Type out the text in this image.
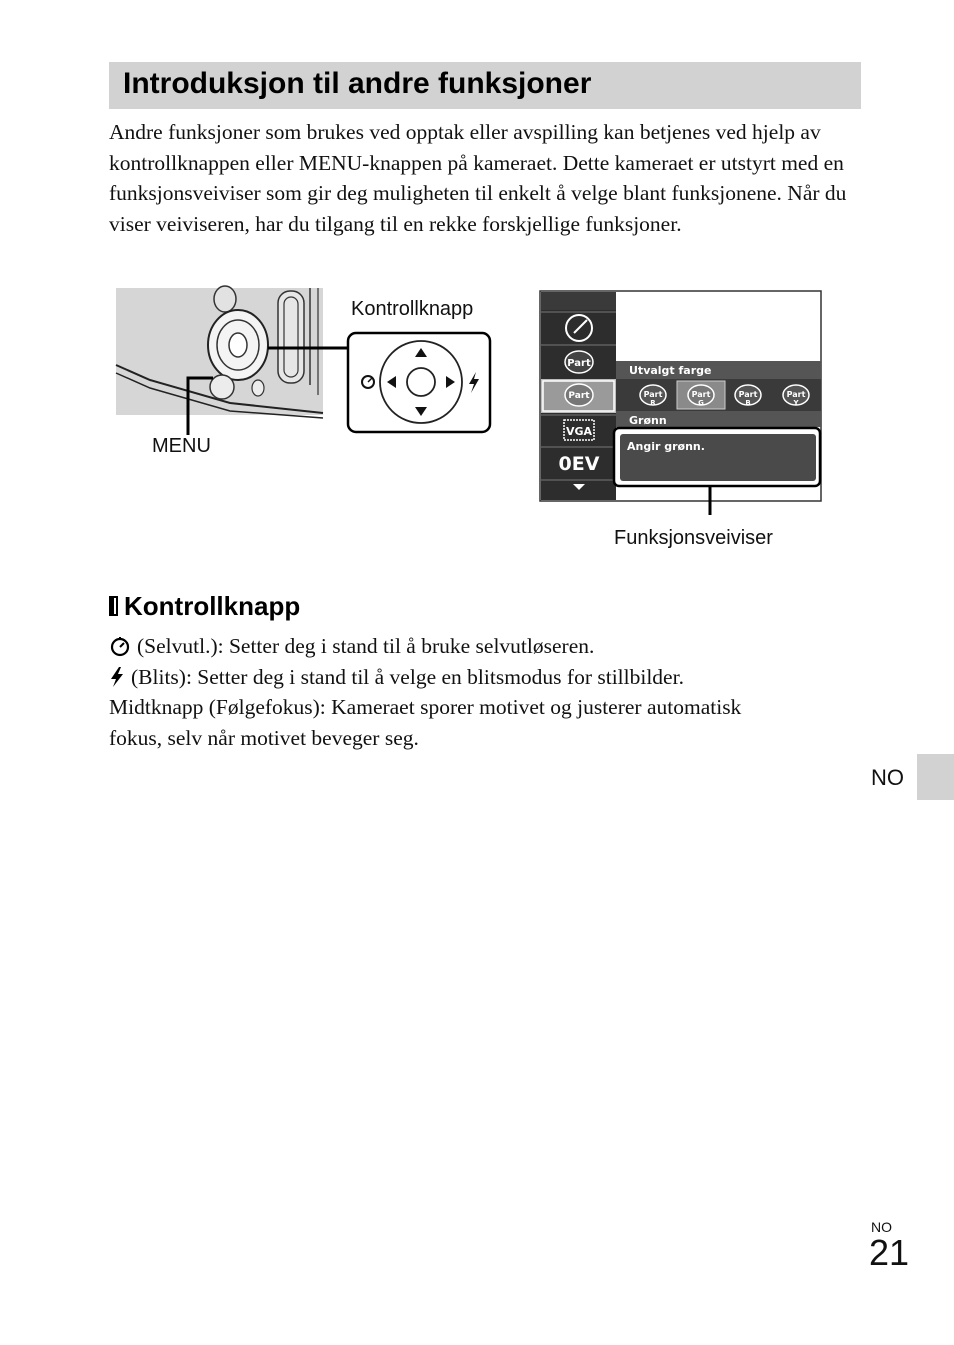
Introduksjon til andre funksjoner

Andre funksjoner som brukes ved opptak eller avspilling kan betjenes ved hjelp av kontrollknappen eller MENU-knappen på kameraet. Dette kameraet er utstyrt med en funksjonsveiviser som gir deg muligheten til enkelt å velge blant funksjonene. Når du viser veiviseren, har du tilgang til en rekke forskjellige funksjoner.

Part
Part
VGA
0EV
Utvalgt farge
Part	Part	Part	Part
R	G	B	Y
Grønn
Angir grønn.
Kontrollknapp
MENU
Funksjonsveiviser
Kontrollknapp
(Selvutl.): Setter deg i stand til å bruke selvutløseren.
(Blits): Setter deg i stand til å velge en blitsmodus for stillbilder.
Midtknapp (Følgefokus): Kameraet sporer motivet og justerer automatisk
fokus, selv når motivet beveger seg.
NO
NO
21
